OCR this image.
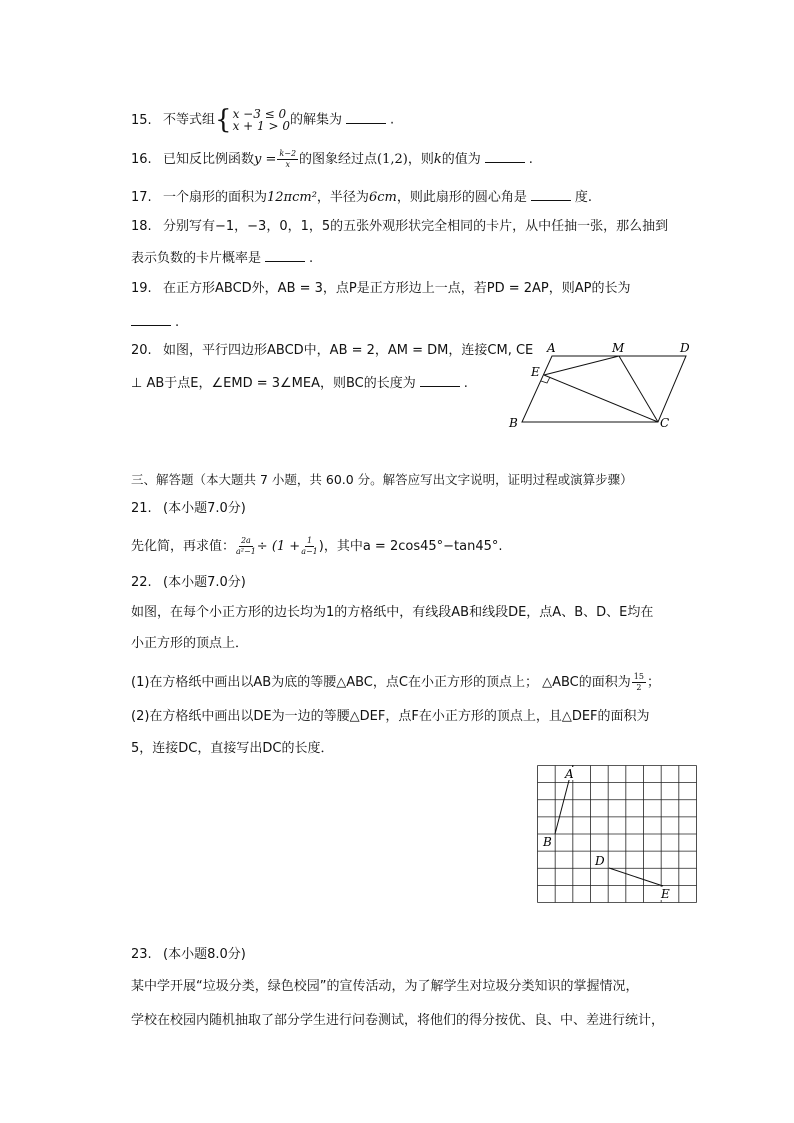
15. 不等式组 { x −3 ≤ 0
x + 1 > 0 的解集为	.
16. 已知反比例函数$y = \frac{k-2}{x}$ 的图象经过点(1,2)，则k的值为	.
17. 一个扇形的面积为12πcm²，半径为6cm，则此扇形的圆心角是	度.
18. 分别写有−1，−3，0，1，5的五张外观形状完全相同的卡片，从中任抽一张，那么抽到
表示负数的卡片概率是	.
19. 在正方形ABCD外，AB = 3，点P是正方形边上一点，若PD = 2AP，则AP的长为
.
20. 如图，平行四边形ABCD中，AB = 2，AM = DM，连接CM, CE
⊥ AB于点E，∠EMD = 3∠MEA，则BC的长度为	.
A	M	D
E
B	C
三、解答题（本大题共 7 小题，共 60.0 分。解答应写出文字说明，证明过程或演算步骤）
21. (本小题7.0分)
先化简，再求值： $\frac{2a}{\text{a²−1}} \div (1 + \frac{1}{a-1}$ )，其中a = 2cos45°−tan45°.
22. (本小题7.0分)
如图，在每个小正方形的边长均为1的方格纸中，有线段AB和线段DE，点A、B、D、E均在
小正方形的顶点上．
(1)在方格纸中画出以AB为底的等腰△ABC，点C在小正方形的顶点上； △ABC的面积为 $\frac{15}{2}$ ；
(2)在方格纸中画出以DE为一边的等腰△DEF，点F在小正方形的顶点上，且△DEF的面积为
5，连接DC，直接写出DC的长度．
A
B
D
E
23. (本小题8.0分)
某中学开展“垃圾分类，绿色校园”的宣传活动，为了解学生对垃圾分类知识的掌握情况，
学校在校园内随机抽取了部分学生进行问卷测试，将他们的得分按优、良、中、差进行统计，
